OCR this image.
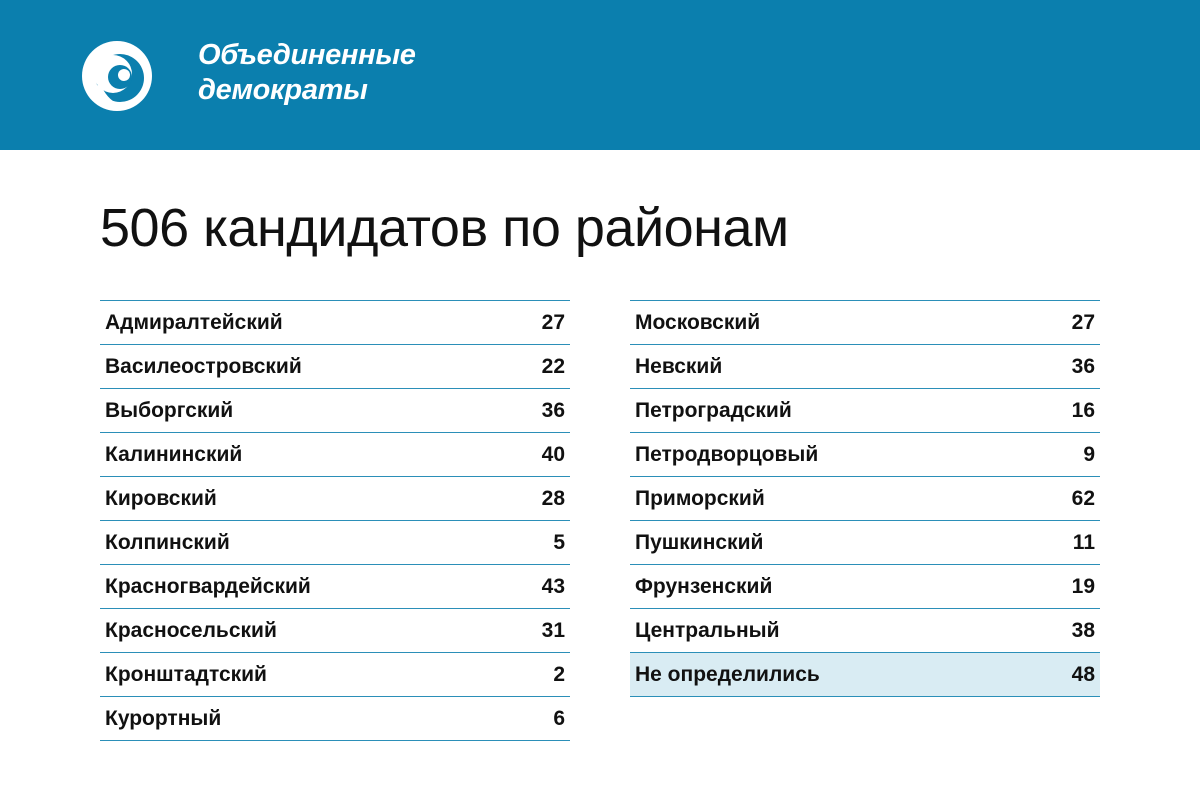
Объединенные
демократы
506 кандидатов по районам
Адмиралтейский	27
Василеостровский	22
Выборгский	36
Калининский	40
Кировский	28
Колпинский	5
Красногвардейский	43
Красносельский	31
Кронштадтский	2
Курортный	6
Московский	27
Невский	36
Петроградский	16
Петродворцовый	9
Приморский	62
Пушкинский	11
Фрунзенский	19
Центральный	38
Не определились	48
